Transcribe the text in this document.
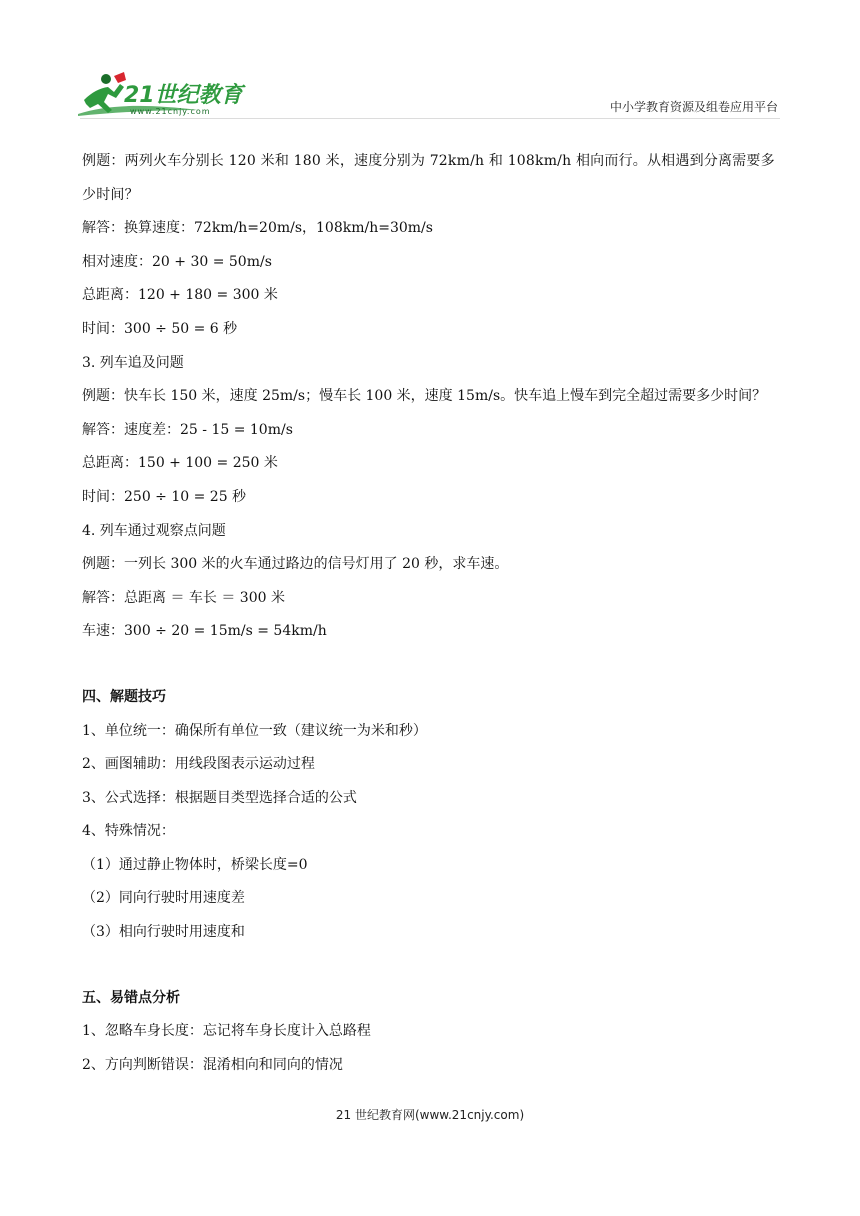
21世纪教育
www.21cnjy.com	中小学教育资源及组卷应用平台
例题：两列火车分别长 120 米和 180 米，速度分别为 72km/h 和 108km/h 相向而行。从相遇到分离需要多少时间？
解答：换算速度：72km/h=20m/s，108km/h=30m/s
相对速度：20 + 30 = 50m/s
总距离：120 + 180 = 300 米
时间：300 ÷ 50 = 6 秒
3. 列车追及问题
例题：快车长 150 米，速度 25m/s；慢车长 100 米，速度 15m/s。快车追上慢车到完全超过需要多少时间？
解答：速度差：25 - 15 = 10m/s
总距离：150 + 100 = 250 米
时间：250 ÷ 10 = 25 秒
4. 列车通过观察点问题
例题：一列长 300 米的火车通过路边的信号灯用了 20 秒，求车速。
解答：总距离 ＝ 车长 ＝ 300 米
车速：300 ÷ 20 = 15m/s = 54km/h
四、解题技巧
1、单位统一：确保所有单位一致（建议统一为米和秒）
2、画图辅助：用线段图表示运动过程
3、公式选择：根据题目类型选择合适的公式
4、特殊情况：
（1）通过静止物体时，桥梁长度=0
（2）同向行驶时用速度差
（3）相向行驶时用速度和
五、易错点分析
1、忽略车身长度：忘记将车身长度计入总路程
2、方向判断错误：混淆相向和同向的情况
21 世纪教育网(www.21cnjy.com)
